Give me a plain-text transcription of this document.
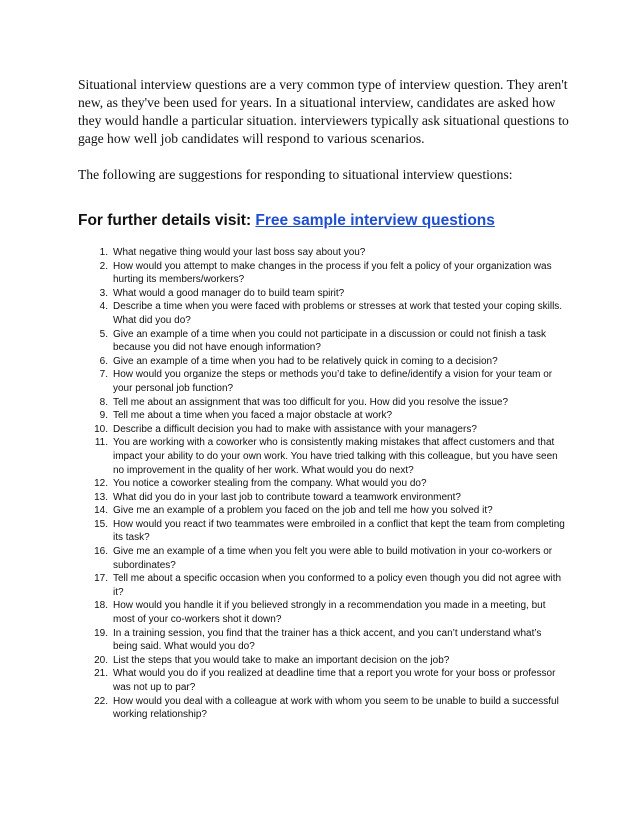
Situational interview questions are a very common type of interview question. They aren't new, as they've been used for years. In a situational interview, candidates are asked how they would handle a particular situation. interviewers typically ask situational questions to gage how well job candidates will respond to various scenarios.

The following are suggestions for responding to situational interview questions:

For further details visit: Free sample interview questions
1. What negative thing would your last boss say about you?
2. How would you attempt to make changes in the process if you felt a policy of your organization was hurting its members/workers?
3. What would a good manager do to build team spirit?
4. Describe a time when you were faced with problems or stresses at work that tested your coping skills. What did you do?
5. Give an example of a time when you could not participate in a discussion or could not finish a task because you did not have enough information?
6. Give an example of a time when you had to be relatively quick in coming to a decision?
7. How would you organize the steps or methods you’d take to define/identify a vision for your team or your personal job function?
8. Tell me about an assignment that was too difficult for you. How did you resolve the issue?
9. Tell me about a time when you faced a major obstacle at work?
10. Describe a difficult decision you had to make with assistance with your managers?
11. You are working with a coworker who is consistently making mistakes that affect customers and that impact your ability to do your own work. You have tried talking with this colleague, but you have seen no improvement in the quality of her work. What would you do next?
12. You notice a coworker stealing from the company. What would you do?
13. What did you do in your last job to contribute toward a teamwork environment?
14. Give me an example of a problem you faced on the job and tell me how you solved it?
15. How would you react if two teammates were embroiled in a conflict that kept the team from completing its task?
16. Give me an example of a time when you felt you were able to build motivation in your co-workers or subordinates?
17. Tell me about a specific occasion when you conformed to a policy even though you did not agree with it?
18. How would you handle it if you believed strongly in a recommendation you made in a meeting, but most of your co-workers shot it down?
19. In a training session, you find that the trainer has a thick accent, and you can’t understand what’s being said. What would you do?
20. List the steps that you would take to make an important decision on the job?
21. What would you do if you realized at deadline time that a report you wrote for your boss or professor was not up to par?
22. How would you deal with a colleague at work with whom you seem to be unable to build a successful working relationship?
